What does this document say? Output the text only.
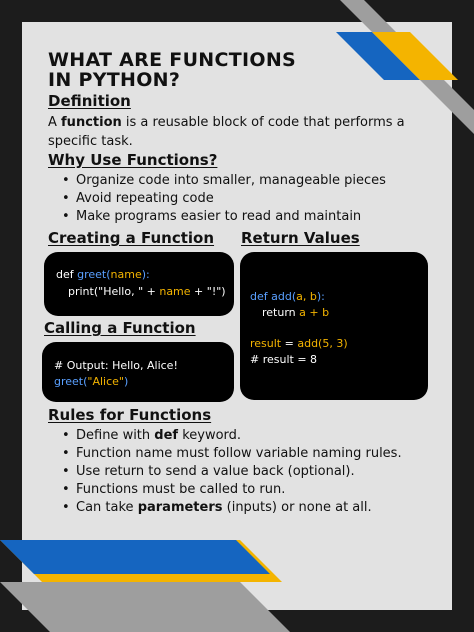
WHAT ARE FUNCTIONS
IN PYTHON?
Definition
A function is a reusable block of code that performs a specific task.
Why Use Functions?
• Organize code into smaller, manageable pieces
• Avoid repeating code
• Make programs easier to read and maintain
Creating a Function Return Values
def greet(name):
print("Hello, " + name + "!") def add(a, b):
return a + b
result = add(5, 3)
# result = 8
Calling a Function
# Output: Hello, Alice!
greet("Alice")
Rules for Functions
• Define with def keyword.
• Function name must follow variable naming rules.
• Use return to send a value back (optional).
• Functions must be called to run.
• Can take parameters (inputs) or none at all.
